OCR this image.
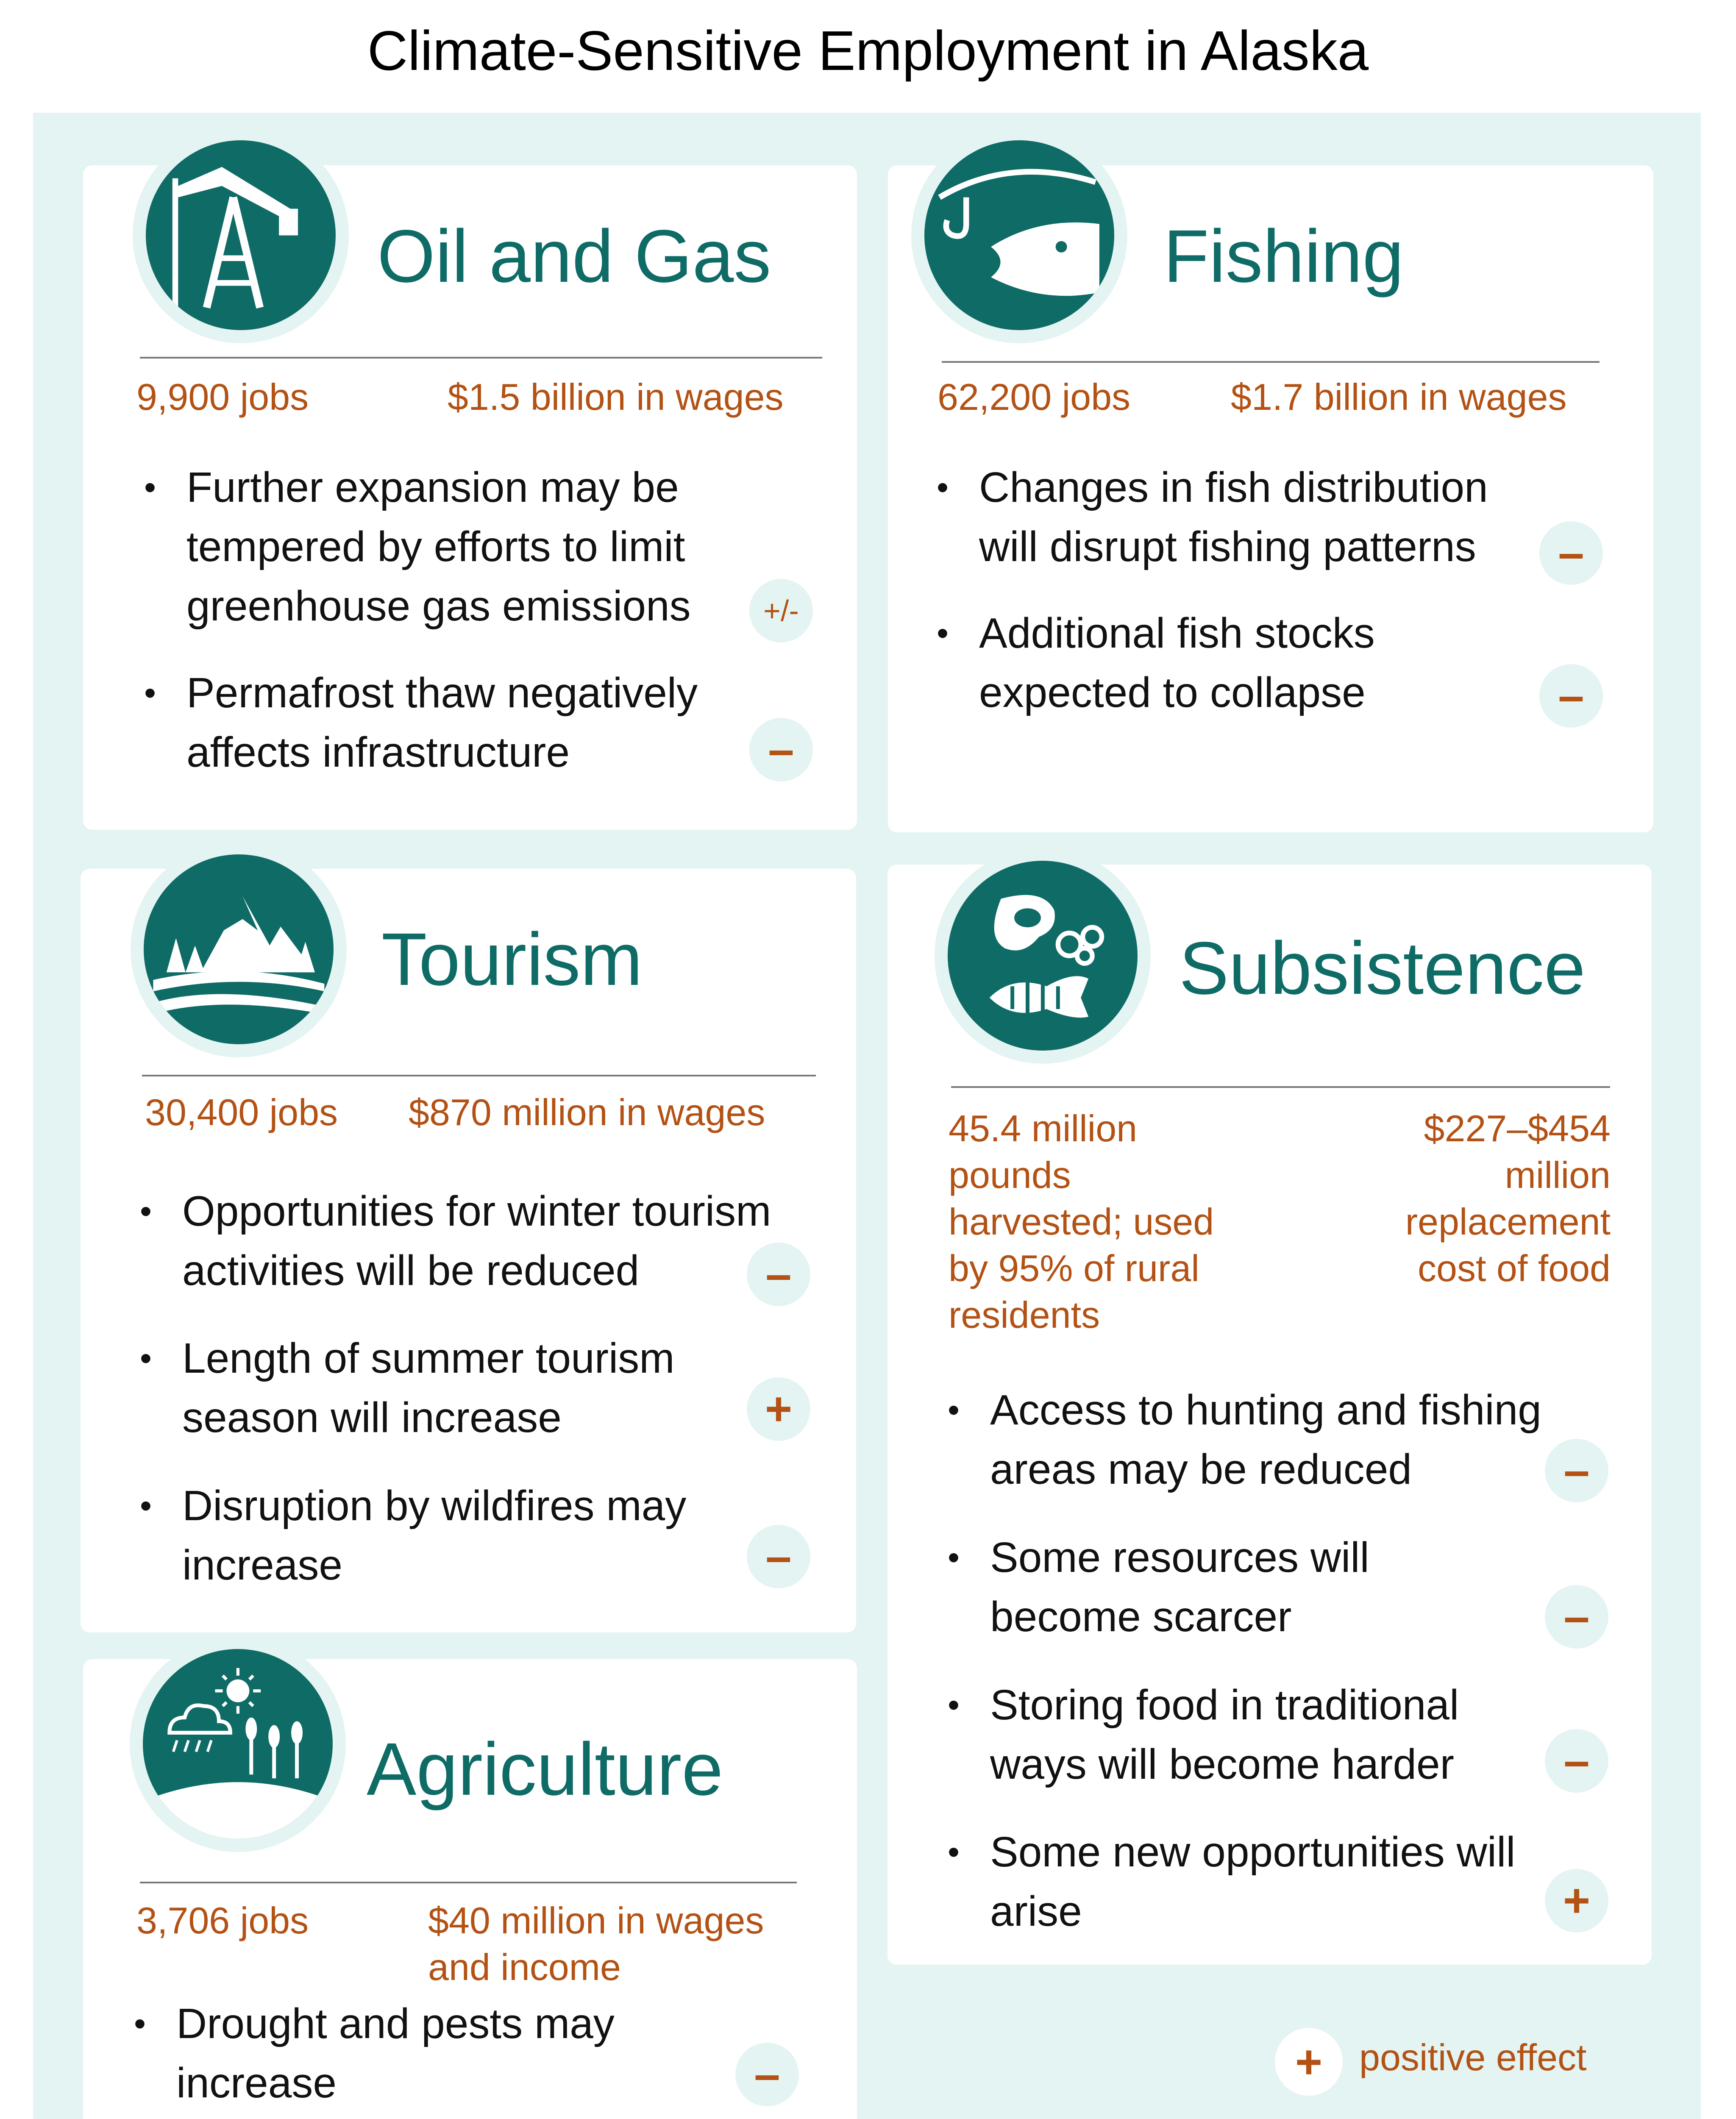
Climate-Sensitive Employment in Alaska
Oil and Gas
9,900 jobs	$1.5 billion in wages
• Further expansion may be tempered by efforts to limit greenhouse gas emissions	+/-
• Permafrost thaw negatively affects infrastructure	–
Fishing
62,200 jobs	$1.7 billion in wages
• Changes in fish distribution will disrupt fishing patterns	–
• Additional fish stocks expected to collapse	–
Tourism
30,400 jobs $870 million in wages
• Opportunities for winter tourism activities will be reduced	–
• Length of summer tourism season will increase	+
• Disruption by wildfires may increase	–
Subsistence
45.4 million pounds harvested; used by 95% of rural residents
$227–$454 million replacement cost of food
• Access to hunting and fishing areas may be reduced	–
• Some resources will become scarcer	–
• Storing food in traditional ways will become harder	–
• Some new opportunities will arise	+
Agriculture
3,706 jobs	$40 million in wages and income
• Drought and pests may increase	–	+ positive effect
